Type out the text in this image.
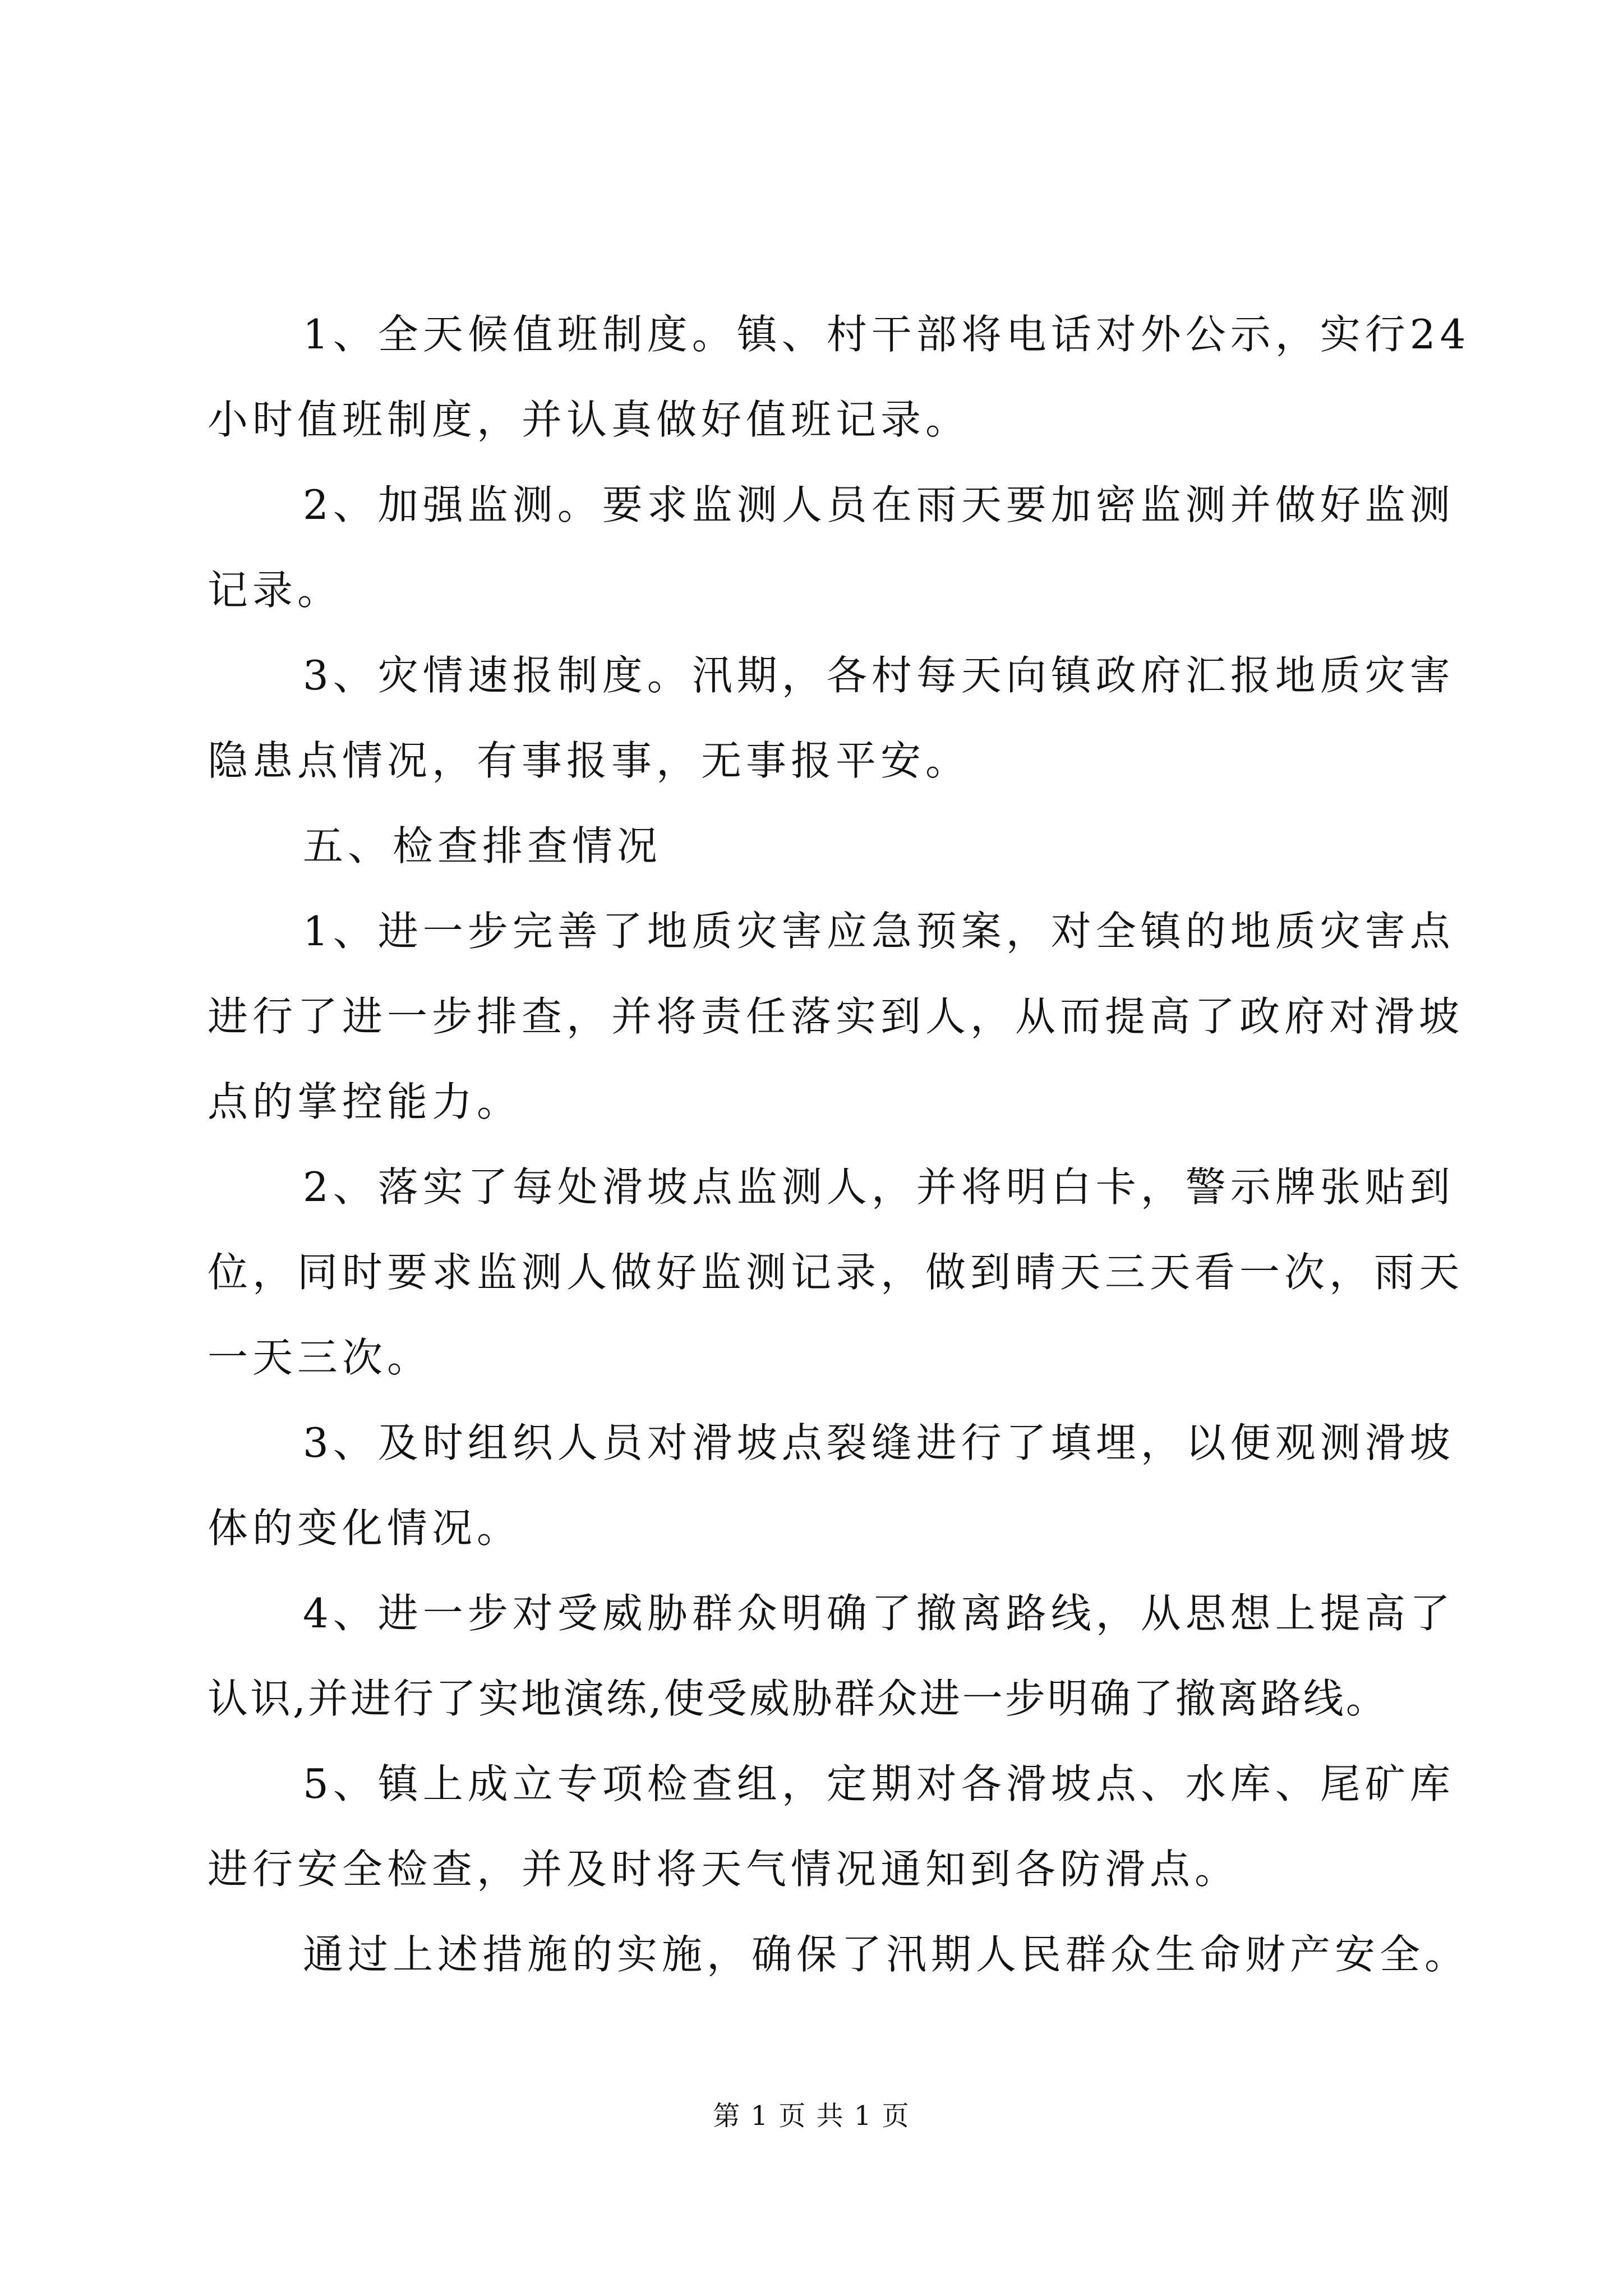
1、全天候值班制度。镇、村干部将电话对外公示，实行24

小时值班制度，并认真做好值班记录。

2、加强监测。要求监测人员在雨天要加密监测并做好监测

记录。

3、灾情速报制度。汛期，各村每天向镇政府汇报地质灾害

隐患点情况，有事报事，无事报平安。

五、检查排查情况

1、进一步完善了地质灾害应急预案，对全镇的地质灾害点

进行了进一步排查，并将责任落实到人，从而提高了政府对滑坡

点的掌控能力。

2、落实了每处滑坡点监测人，并将明白卡，警示牌张贴到

位，同时要求监测人做好监测记录，做到晴天三天看一次，雨天

一天三次。

3、及时组织人员对滑坡点裂缝进行了填埋，以便观测滑坡

体的变化情况。

4、进一步对受威胁群众明确了撤离路线，从思想上提高了

认识,并进行了实地演练,使受威胁群众进一步明确了撤离路线。

5、镇上成立专项检查组，定期对各滑坡点、水库、尾矿库

进行安全检查，并及时将天气情况通知到各防滑点。

通过上述措施的实施，确保了汛期人民群众生命财产安全。

第 1 页 共 1 页
